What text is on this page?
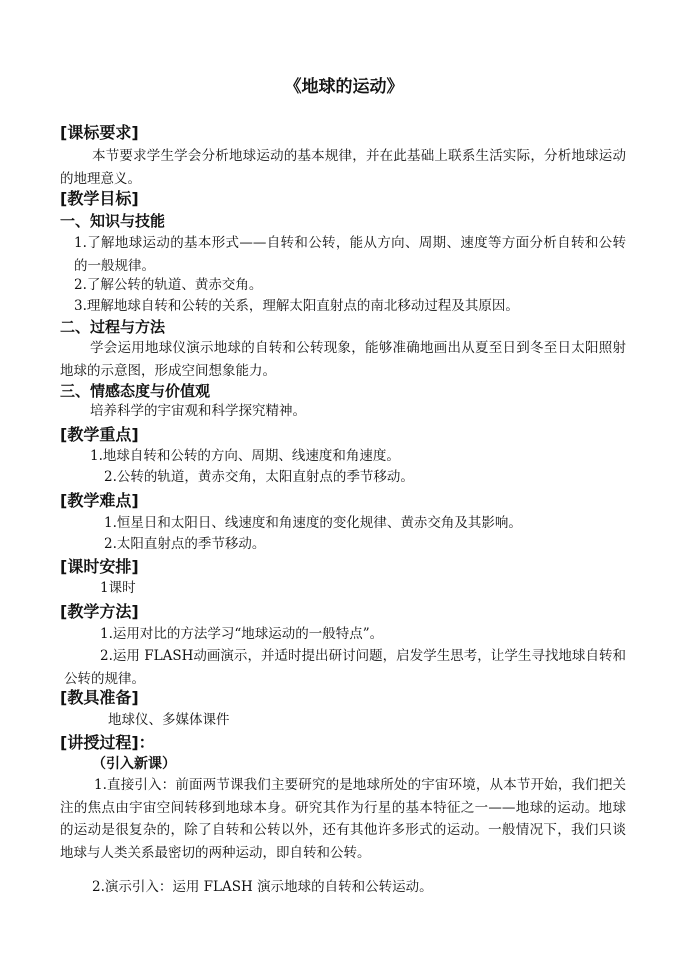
《地球的运动》
[课标要求]
本节要求学生学会分析地球运动的基本规律，并在此基础上联系生活实际，分析地球运动的地理意义。
[教学目标]
一、知识与技能
1.了解地球运动的基本形式——自转和公转，能从方向、周期、速度等方面分析自转和公转的一般规律。
2.了解公转的轨道、黄赤交角。
3.理解地球自转和公转的关系，理解太阳直射点的南北移动过程及其原因。
二、过程与方法
学会运用地球仪演示地球的自转和公转现象，能够准确地画出从夏至日到冬至日太阳照射地球的示意图，形成空间想象能力。
三、情感态度与价值观
培养科学的宇宙观和科学探究精神。
[教学重点]
1.地球自转和公转的方向、周期、线速度和角速度。
2.公转的轨道，黄赤交角，太阳直射点的季节移动。
[教学难点]
1.恒星日和太阳日、线速度和角速度的变化规律、黄赤交角及其影响。
2.太阳直射点的季节移动。
[课时安排]
1课时
[教学方法]
1.运用对比的方法学习“地球运动的一般特点”。
2.运用 FLASH动画演示，并适时提出研讨问题，启发学生思考，让学生寻找地球自转和公转的规律。
[教具准备]
地球仪、多媒体课件
[讲授过程]：
（引入新课）
1.直接引入：前面两节课我们主要研究的是地球所处的宇宙环境，从本节开始，我们把关注的焦点由宇宙空间转移到地球本身。研究其作为行星的基本特征之一——地球的运动。地球的运动是很复杂的，除了自转和公转以外，还有其他许多形式的运动。一般情况下，我们只谈地球与人类关系最密切的两种运动，即自转和公转。
2.演示引入：运用 FLASH 演示地球的自转和公转运动。
